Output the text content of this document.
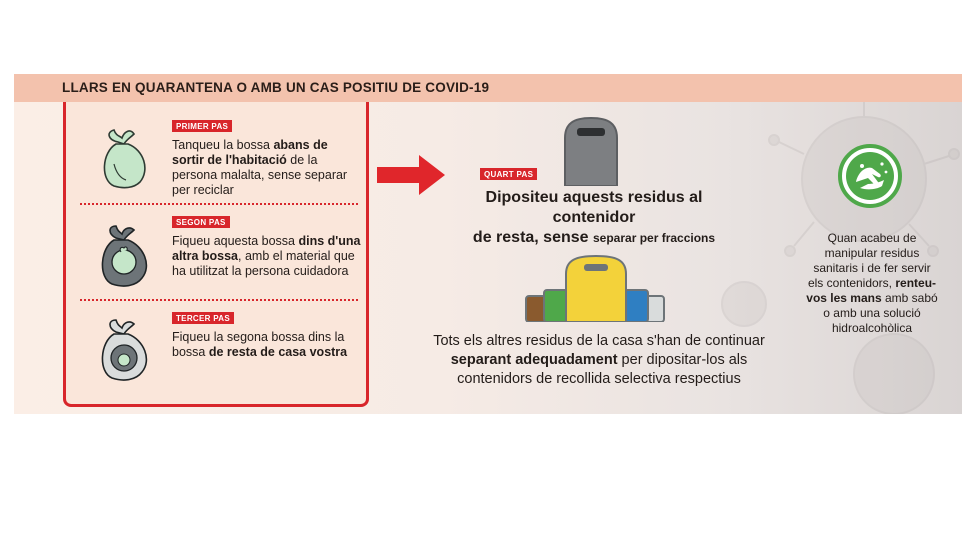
LLARS EN QUARANTENA O AMB UN CAS POSITIU DE COVID-19
PRIMER PAS
Tanqueu la bossa abans de sortir de l'habitació de la persona malalta, sense separar per reciclar
SEGON PAS
Fiqueu aquesta bossa dins d'una altra bossa, amb el material que ha utilitzat la persona cuidadora
TERCER PAS
Fiqueu la segona bossa dins la bossa de resta de casa vostra
QUART PAS
Dipositeu aquests residus al contenidor
de resta, sense separar per fraccions
Tots els altres residus de la casa s'han de continuar separant adequadament per dipositar-los als contenidors de recollida selectiva respectius
Quan acabeu de manipular residus sanitaris i de fer servir els contenidors, renteu-vos les mans amb sabó o amb una solució hidroalcohòlica
